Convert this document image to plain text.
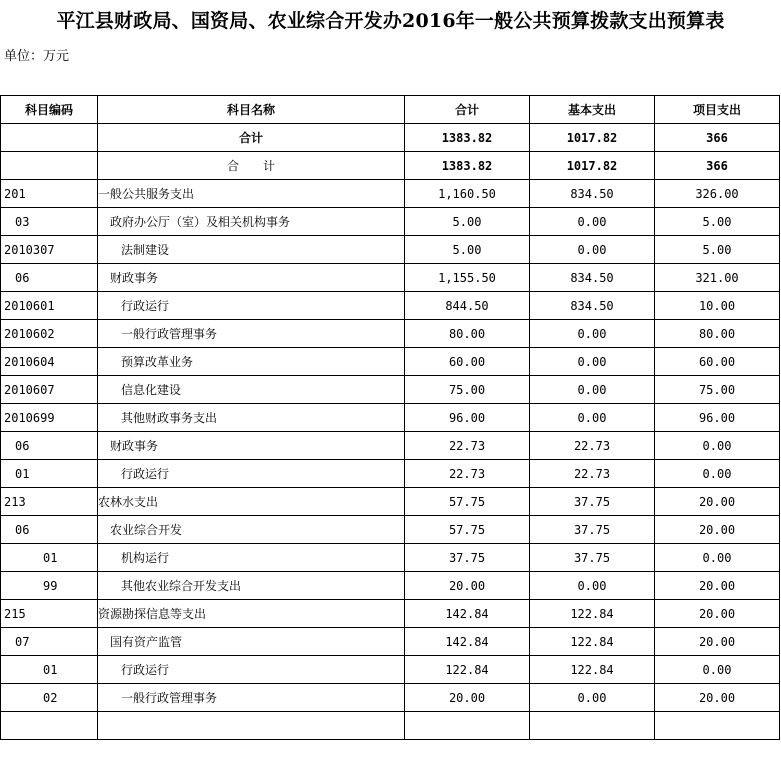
平江县财政局、国资局、农业综合开发办2016年一般公共预算拨款支出预算表
单位：万元
科目编码	科目名称	合计	基本支出	项目支出
	合计	1383.82	1017.82	366
	合　　计	1383.82	1017.82	366
201	一般公共服务支出	1,160.50	834.50	326.00
03	政府办公厅（室）及相关机构事务	5.00	0.00	5.00
2010307	法制建设	5.00	0.00	5.00
06	财政事务	1,155.50	834.50	321.00
2010601	行政运行	844.50	834.50	10.00
2010602	一般行政管理事务	80.00	0.00	80.00
2010604	预算改革业务	60.00	0.00	60.00
2010607	信息化建设	75.00	0.00	75.00
2010699	其他财政事务支出	96.00	0.00	96.00
06	财政事务	22.73	22.73	0.00
01	行政运行	22.73	22.73	0.00
213	农林水支出	57.75	37.75	20.00
06	农业综合开发	57.75	37.75	20.00
01	机构运行	37.75	37.75	0.00
99	其他农业综合开发支出	20.00	0.00	20.00
215	资源勘探信息等支出	142.84	122.84	20.00
07	国有资产监管	142.84	122.84	20.00
01	行政运行	122.84	122.84	0.00
02	一般行政管理事务	20.00	0.00	20.00
